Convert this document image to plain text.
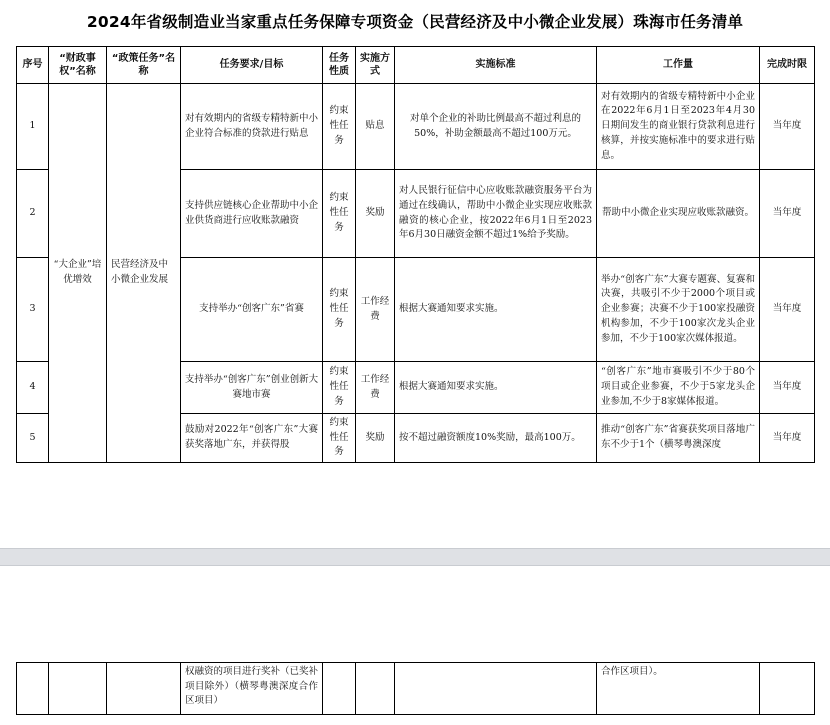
2024年省级制造业当家重点任务保障专项资金（民营经济及中小微企业发展）珠海市任务清单
序号	“财政事权”名称	“政策任务”名称	任务要求/目标	任务性质	实施方式	实施标准	工作量	完成时限
1	“大企业”培优增效	民营经济及中小微企业发展	对有效期内的省级专精特新中小企业符合标准的贷款进行贴息	约束性任务	贴息	对单个企业的补助比例最高不超过利息的50%，补助金额最高不超过100万元。	对有效期内的省级专精特新中小企业在2022年6月1日至2023年4月30日期间发生的商业银行贷款利息进行核算，并按实施标准中的要求进行贴息。	当年度
2			支持供应链核心企业帮助中小企业供货商进行应收账款融资	约束性任务	奖励	对人民银行征信中心应收账款融资服务平台为通过在线确认，帮助中小微企业实现应收账款融资的核心企业，按2022年6月1日至2023年6月30日融资金额不超过1%给予奖励。	帮助中小微企业实现应收账款融资。	当年度
3			支持举办“创客广东”省赛	约束性任务	工作经费	根据大赛通知要求实施。	举办“创客广东”大赛专题赛、复赛和决赛，共吸引不少于2000个项目或企业参赛；决赛不少于100家投融资机构参加，不少于100家次龙头企业参加，不少于100家次媒体报道。	当年度
4			支持举办“创客广东”创业创新大赛地市赛	约束性任务	工作经费	根据大赛通知要求实施。	“创客广东”地市赛吸引不少于80个项目或企业参赛，不少于5家龙头企业参加,不少于8家媒体报道。	当年度
5			鼓励对2022年“创客广东”大赛获奖落地广东，并获得股	约束性任务	奖励	按不超过融资额度10%奖励，最高100万。	推动“创客广东”省赛获奖项目落地广东不少于1个（横琴粤澳深度	当年度
			权融资的项目进行奖补（已奖补项目除外）（横琴粤澳深度合作区项目）				合作区项目）。	
